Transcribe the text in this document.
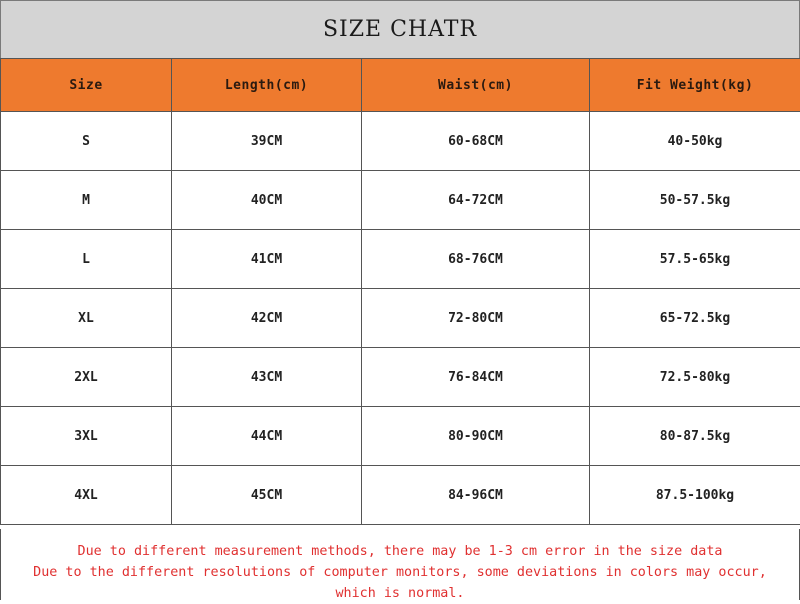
SIZE CHATR
Size	Length(cm)	Waist(cm)	Fit Weight(kg)
S	39CM	60-68CM	40-50kg
M	40CM	64-72CM	50-57.5kg
L	41CM	68-76CM	57.5-65kg
XL	42CM	72-80CM	65-72.5kg
2XL	43CM	76-84CM	72.5-80kg
3XL	44CM	80-90CM	80-87.5kg
4XL	45CM	84-96CM	87.5-100kg
Due to different measurement methods, there may be 1-3 cm error in the size data
Due to the different resolutions of computer monitors, some deviations in colors may occur,
which is normal.
